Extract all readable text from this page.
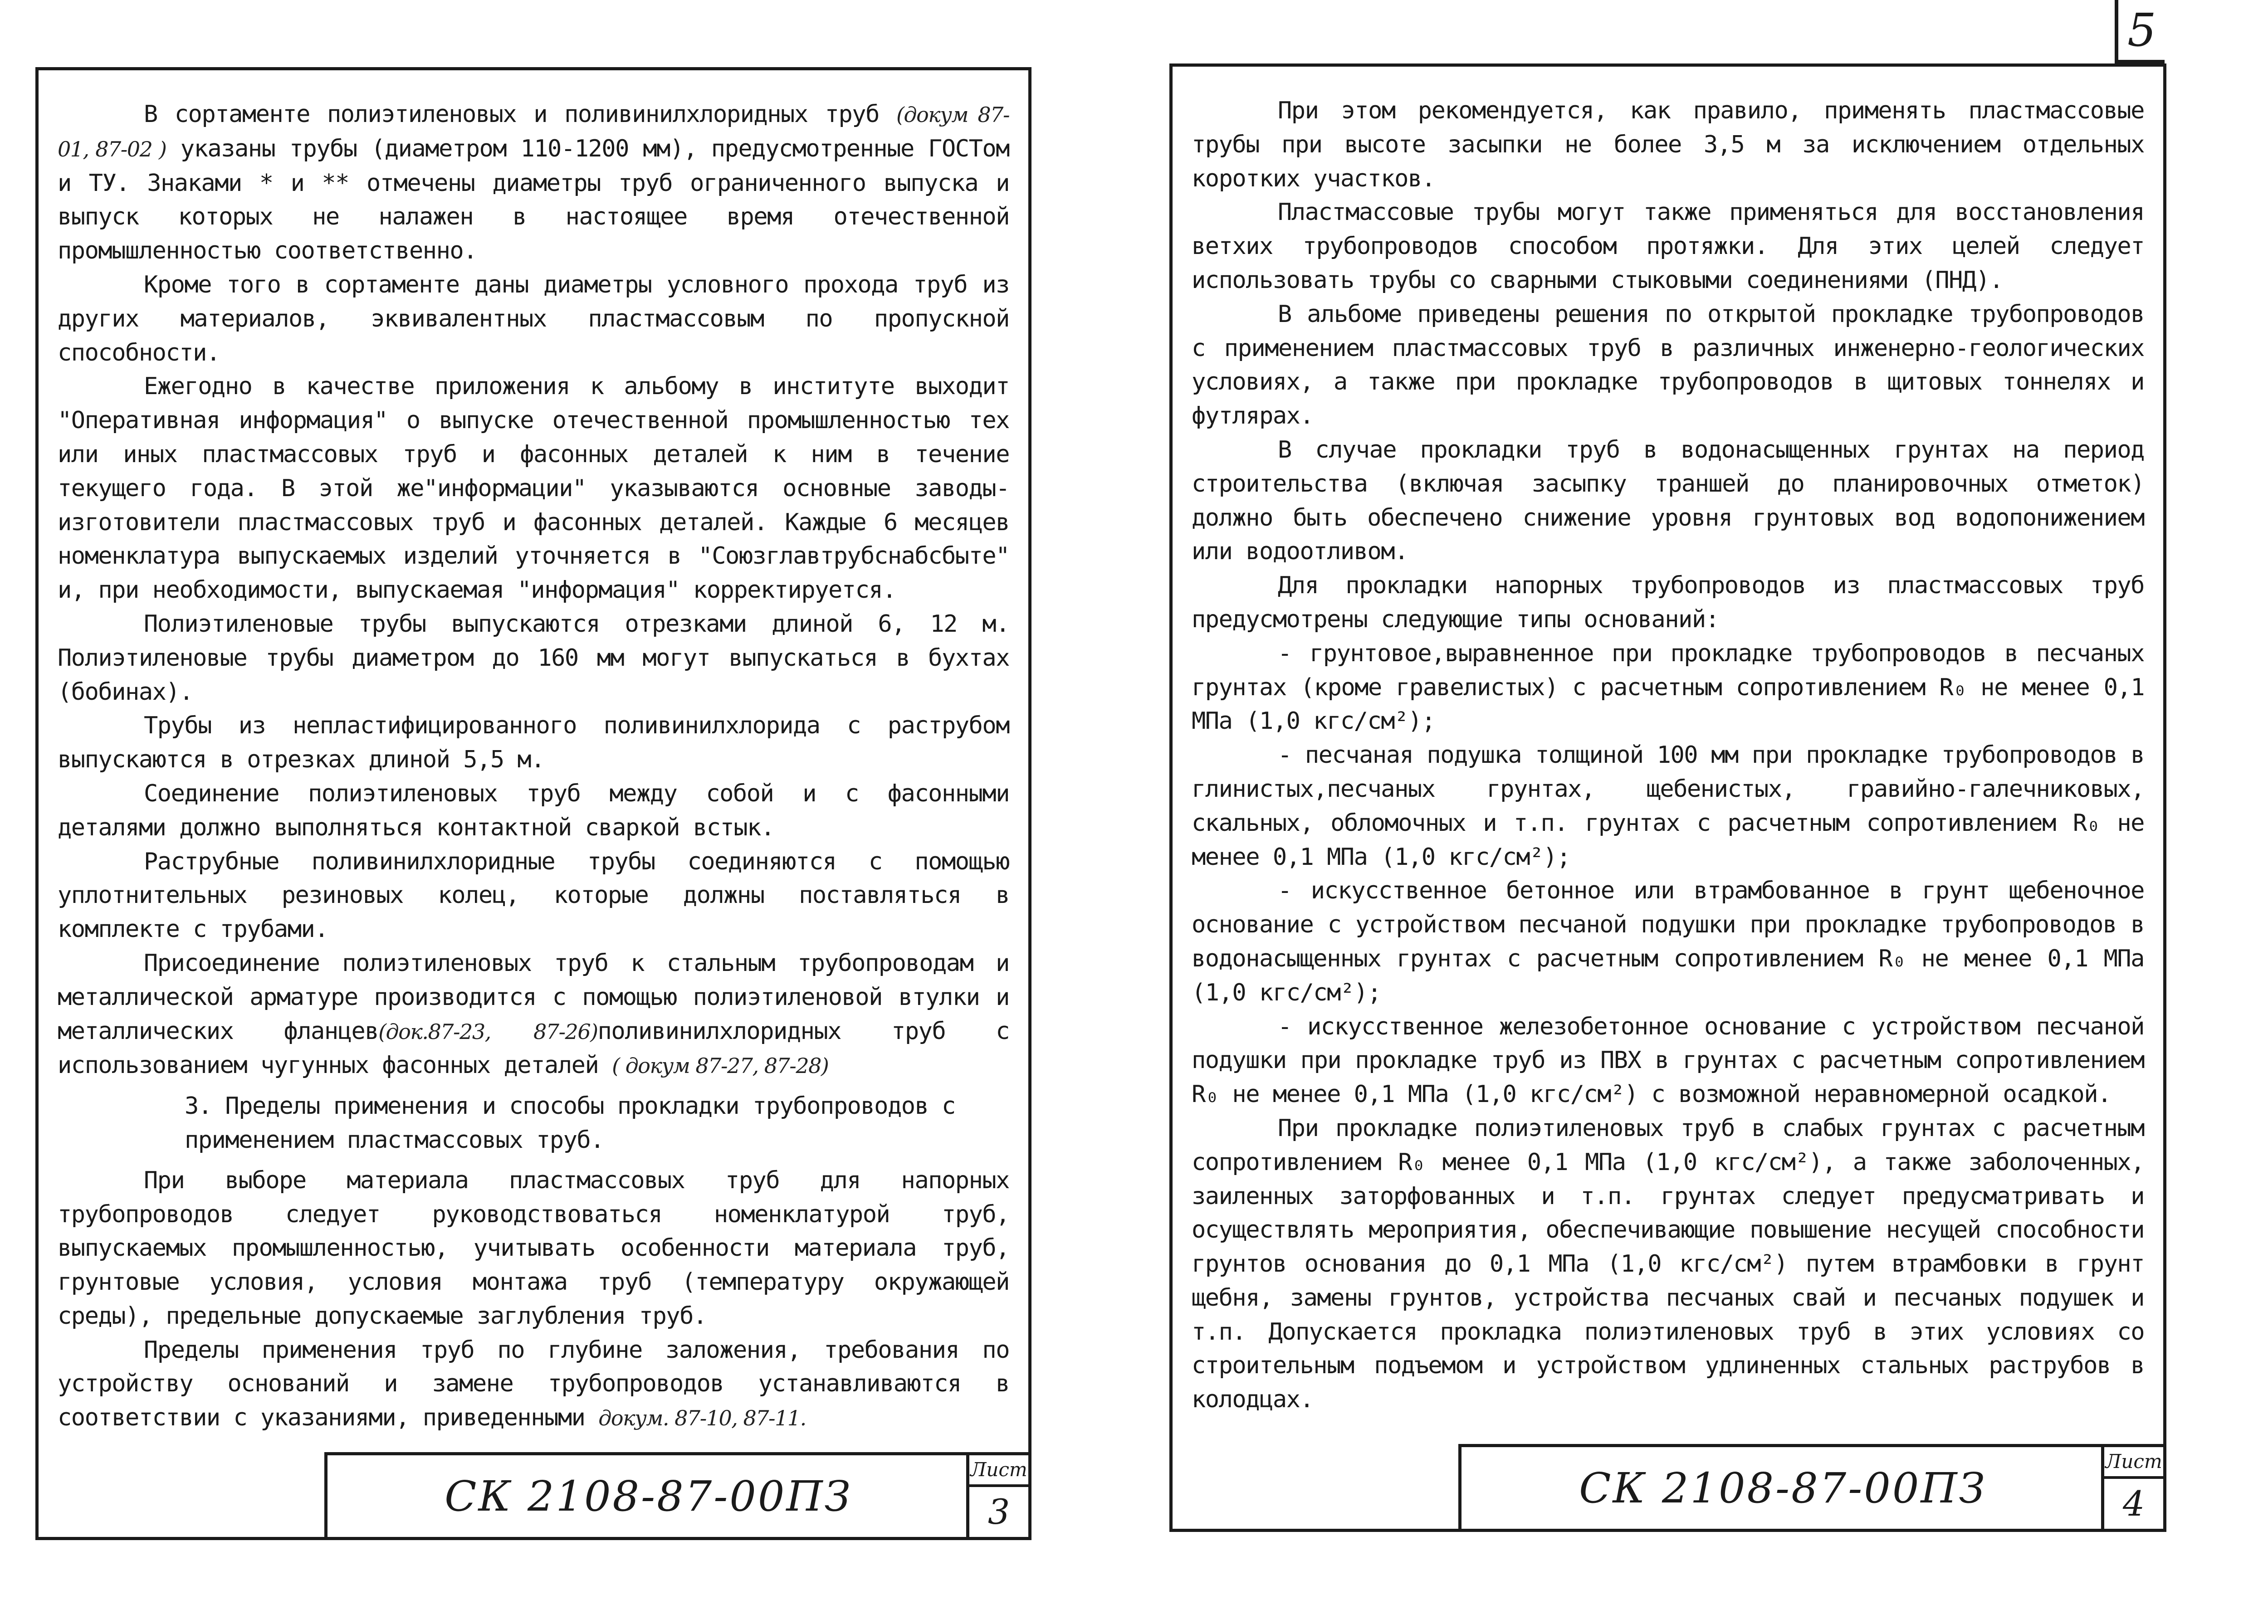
5

В сортаменте полиэтиленовых и поливинилхлоридных труб (докум 87-01, 87-02 ) указаны трубы (диаметром 110-1200 мм), предусмотренные ГОСТом и ТУ. Знаками * и ** отмечены диаметры труб ограниченного выпуска и выпуск которых не налажен в настоящее время отечественной промышленностью соответственно.

Кроме того в сортаменте даны диаметры условного прохода труб из других материалов, эквивалентных пластмассовым по пропускной способности.

Ежегодно в качестве приложения к альбому в институте выходит "Оперативная информация" о выпуске отечественной промышленностью тех или иных пластмассовых труб и фасонных деталей к ним в течение текущего года. В этой же"информации" указываются основные заводы-изготовители пластмассовых труб и фасонных деталей. Каждые 6 месяцев номенклатура выпускаемых изделий уточняется в "Союзглавтрубснабсбыте" и, при необходимости, выпускаемая "информация" корректируется.

Полиэтиленовые трубы выпускаются отрезками длиной 6, 12 м. Полиэтиленовые трубы диаметром до 160 мм могут выпускаться в бухтах (бобинах).

Трубы из непластифицированного поливинилхлорида с раструбом выпускаются в отрезках длиной 5,5 м.

Соединение полиэтиленовых труб между собой и с фасонными деталями должно выполняться контактной сваркой встык.

Раструбные поливинилхлоридные трубы соединяются с помощью уплотнительных резиновых колец, которые должны поставляться в комплекте с трубами.

Присоединение полиэтиленовых труб к стальным трубопроводам и металлической арматуре производится с помощью полиэтиленовой втулки и металлических фланцев(док.87-23, 87-26)поливинилхлоридных труб с использованием чугунных фасонных деталей ( докум 87-27, 87-28)

3. Пределы применения и способы прокладки трубопроводов с применением пластмассовых труб.

При выборе материала пластмассовых труб для напорных трубопроводов следует руководствоваться номенклатурой труб, выпускаемых промышленностью, учитывать особенности материала труб, грунтовые условия, условия монтажа труб (температуру окружающей среды), предельные допускаемые заглубления труб.

Пределы применения труб по глубине заложения, требования по устройству оснований и замене трубопроводов устанавливаются в соответствии с указаниями, приведенными докум. 87-10, 87-11.

СК 2108-87-00ПЗ
Лист
3

При этом рекомендуется, как правило, применять пластмассовые трубы при высоте засыпки не более 3,5 м за исключением отдельных коротких участков.

Пластмассовые трубы могут также применяться для восстановления ветхих трубопроводов способом протяжки. Для этих целей следует использовать трубы со сварными стыковыми соединениями (ПНД).

В альбоме приведены решения по открытой прокладке трубопроводов с применением пластмассовых труб в различных инженерно-геологических условиях, а также при прокладке трубопроводов в щитовых тоннелях и футлярах.

В случае прокладки труб в водонасыщенных грунтах на период строительства (включая засыпку траншей до планировочных отметок) должно быть обеспечено снижение уровня грунтовых вод водопонижением или водоотливом.

Для прокладки напорных трубопроводов из пластмассовых труб предусмотрены следующие типы оснований:

- грунтовое,выравненное при прокладке трубопроводов в песчаных грунтах (кроме гравелистых) с расчетным сопротивлением R₀ не менее 0,1 МПа (1,0 кгс/см²);

- песчаная подушка толщиной 100 мм при прокладке трубопроводов в глинистых,песчаных грунтах, щебенистых, гравийно-галечниковых, скальных, обломочных и т.п. грунтах с расчетным сопротивлением R₀ не менее 0,1 МПа (1,0 кгс/см²);

- искусственное бетонное или втрамбованное в грунт щебеночное основание с устройством песчаной подушки при прокладке трубопроводов в водонасыщенных грунтах с расчетным сопротивлением R₀ не менее 0,1 МПа (1,0 кгс/см²);

- искусственное железобетонное основание с устройством песчаной подушки при прокладке труб из ПВХ в грунтах с расчетным сопротивлением R₀ не менее 0,1 МПа (1,0 кгс/см²) с возможной неравномерной осадкой.

При прокладке полиэтиленовых труб в слабых грунтах с расчетным сопротивлением R₀ менее 0,1 МПа (1,0 кгс/см²), а также заболоченных, заиленных заторфованных и т.п. грунтах следует предусматривать и осуществлять мероприятия, обеспечивающие повышение несущей способности грунтов основания до 0,1 МПа (1,0 кгс/см²) путем втрамбовки в грунт щебня, замены грунтов, устройства песчаных свай и песчаных подушек и т.п. Допускается прокладка полиэтиленовых труб в этих условиях со строительным подъемом и устройством удлиненных стальных раструбов в колодцах.

СК 2108-87-00ПЗ
Лист
4
